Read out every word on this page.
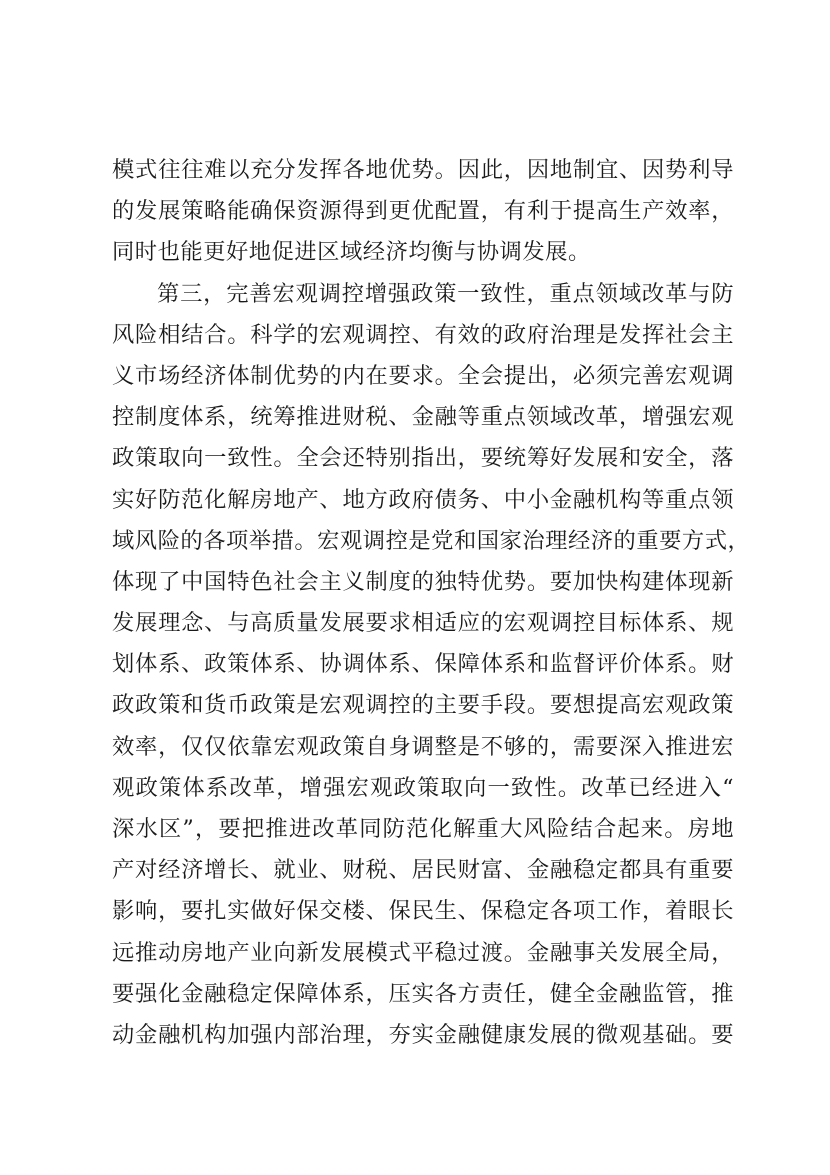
模式往往难以充分发挥各地优势。因此，因地制宜、因势利导
的发展策略能确保资源得到更优配置，有利于提高生产效率，
同时也能更好地促进区域经济均衡与协调发展。
第三，完善宏观调控增强政策一致性，重点领域改革与防
风险相结合。科学的宏观调控、有效的政府治理是发挥社会主
义市场经济体制优势的内在要求。全会提出，必须完善宏观调
控制度体系，统筹推进财税、金融等重点领域改革，增强宏观
政策取向一致性。全会还特别指出，要统筹好发展和安全，落
实好防范化解房地产、地方政府债务、中小金融机构等重点领
域风险的各项举措。宏观调控是党和国家治理经济的重要方式，
体现了中国特色社会主义制度的独特优势。要加快构建体现新
发展理念、与高质量发展要求相适应的宏观调控目标体系、规
划体系、政策体系、协调体系、保障体系和监督评价体系。财
政政策和货币政策是宏观调控的主要手段。要想提高宏观政策
效率，仅仅依靠宏观政策自身调整是不够的，需要深入推进宏
观政策体系改革，增强宏观政策取向一致性。改革已经进入“
深水区”，要把推进改革同防范化解重大风险结合起来。房地
产对经济增长、就业、财税、居民财富、金融稳定都具有重要
影响，要扎实做好保交楼、保民生、保稳定各项工作，着眼长
远推动房地产业向新发展模式平稳过渡。金融事关发展全局，
要强化金融稳定保障体系，压实各方责任，健全金融监管，推
动金融机构加强内部治理，夯实金融健康发展的微观基础。要
